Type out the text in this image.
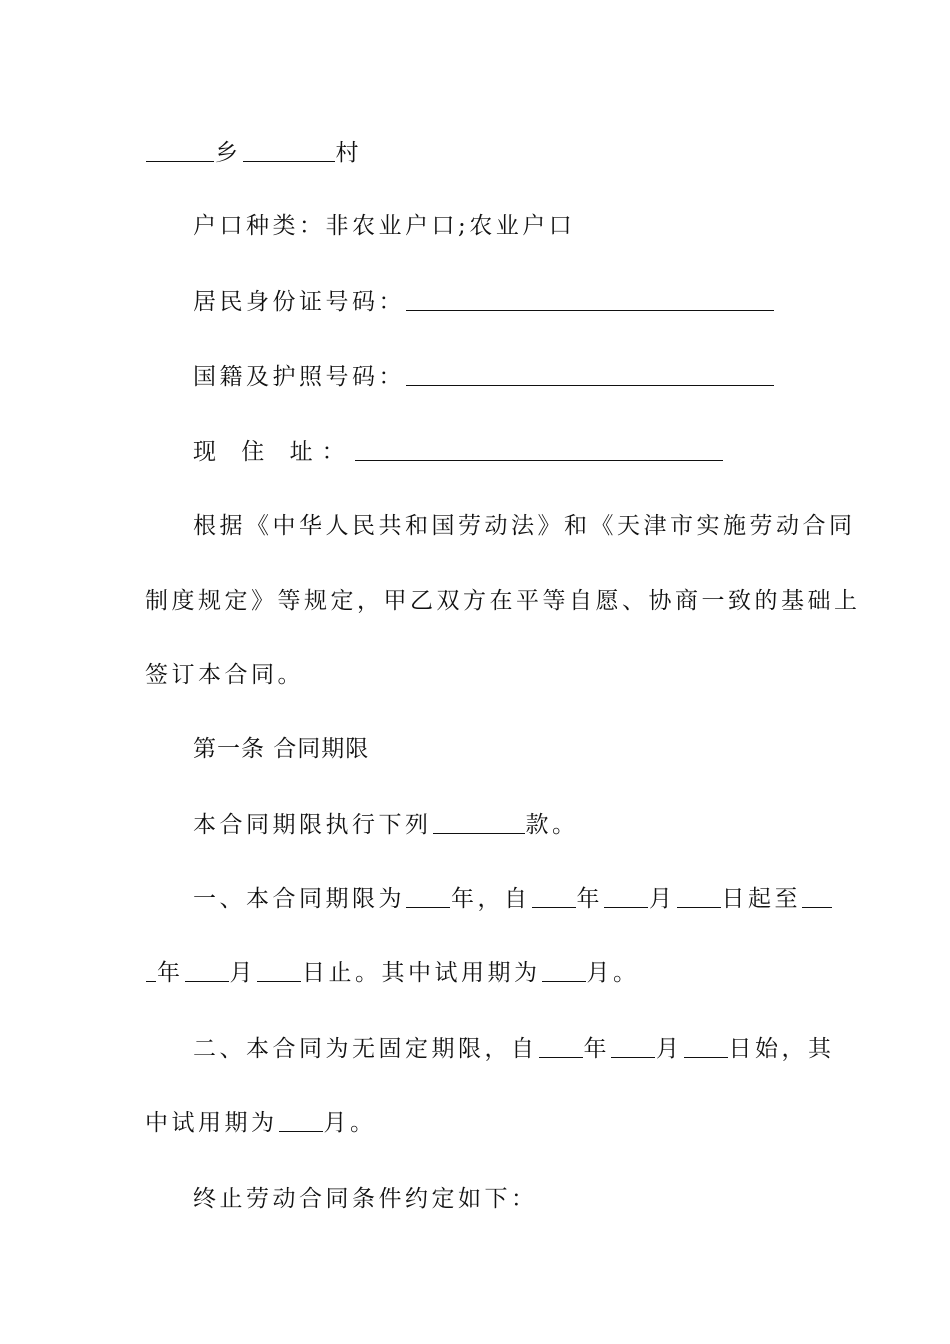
乡	村
户口种类：非农业户口;农业户口
居民身份证号码：
国籍及护照号码：
现 住 址：
根据《中华人民共和国劳动法》和《天津市实施劳动合同
制度规定》等规定，甲乙双方在平等自愿、协商一致的基础上
签订本合同。
第一条 合同期限
本合同期限执行下列	款。
一、本合同期限为 年，自 年 月 日起至
年 月 日止。其中试用期为 月。
二、本合同为无固定期限，自 年 月 日始，其
中试用期为 月。
终止劳动合同条件约定如下：
